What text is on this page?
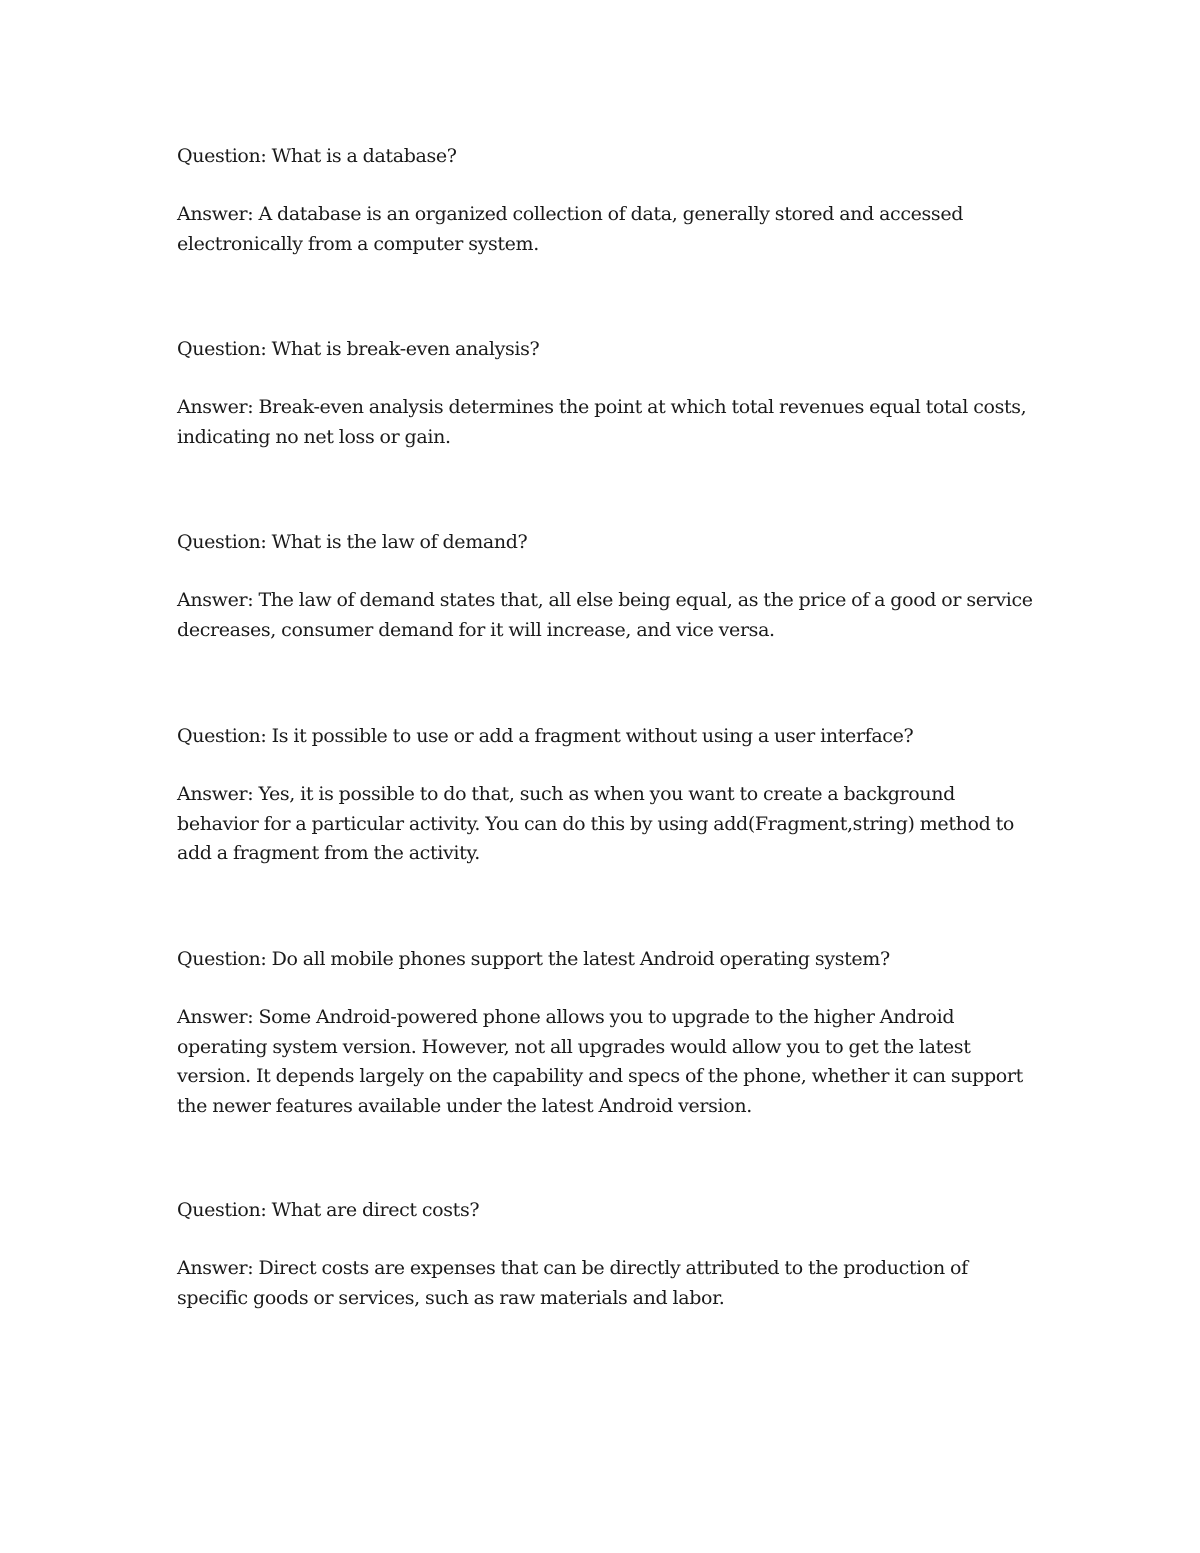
Question: What is a database?

Answer: A database is an organized collection of data, generally stored and accessed electronically from a computer system.

Question: What is break-even analysis?

Answer: Break-even analysis determines the point at which total revenues equal total costs, indicating no net loss or gain.

Question: What is the law of demand?

Answer: The law of demand states that, all else being equal, as the price of a good or service decreases, consumer demand for it will increase, and vice versa.

Question: Is it possible to use or add a fragment without using a user interface?

Answer: Yes, it is possible to do that, such as when you want to create a background behavior for a particular activity. You can do this by using add(Fragment,string) method to add a fragment from the activity.

Question: Do all mobile phones support the latest Android operating system?

Answer: Some Android-powered phone allows you to upgrade to the higher Android operating system version. However, not all upgrades would allow you to get the latest version. It depends largely on the capability and specs of the phone, whether it can support the newer features available under the latest Android version.

Question: What are direct costs?

Answer: Direct costs are expenses that can be directly attributed to the production of specific goods or services, such as raw materials and labor.
